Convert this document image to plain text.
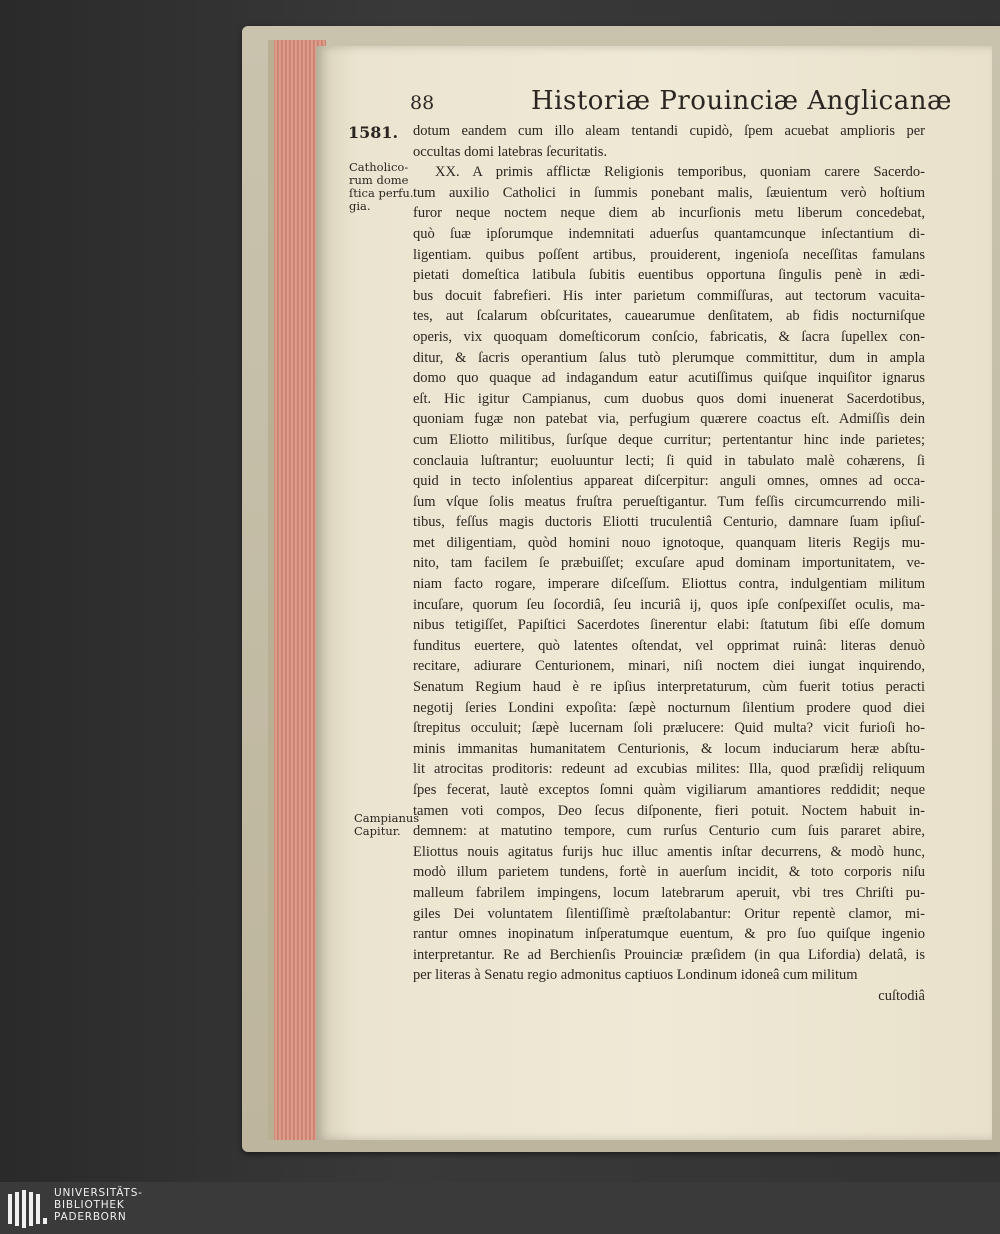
88	Historiæ Prouinciæ Anglicanæ
1581.
Catholico-rum dome ſtica perfu. gia.
Campianus Capitur.
dotum eandem cum illo aleam tentandi cupidò, ſpem acuebat amplioris per
occultas domi latebras ſecuritatis.
XX. A primis afflictæ Religionis temporibus, quoniam carere Sacerdo-
tum auxilio Catholici in ſummis ponebant malis, ſæuientum verò hoſtium
furor neque noctem neque diem ab incurſionis metu liberum concedebat,
quò ſuæ ipſorumque indemnitati aduerſus quantamcunque inſectantium di-
ligentiam. quibus poſſent artibus, prouiderent, ingenioſa neceſſitas famulans
pietati domeſtica latibula ſubitis euentibus opportuna ſingulis penè in ædi-
bus docuit fabrefieri. His inter parietum commiſſuras, aut tectorum vacuita-
tes, aut ſcalarum obſcuritates, cauearumue denſitatem, ab fidis nocturniſque
operis, vix quoquam domeſticorum conſcio, fabricatis, & ſacra ſupellex con-
ditur, & ſacris operantium ſalus tutò plerumque committitur, dum in ampla
domo quo quaque ad indagandum eatur acutiſſimus quiſque inquiſitor ignarus
eſt. Hic igitur Campianus, cum duobus quos domi inuenerat Sacerdotibus,
quoniam fugæ non patebat via, perfugium quærere coactus eſt. Admiſſis dein
cum Eliotto militibus, ſurſque deque curritur; pertentantur hinc inde parietes;
conclauia luſtrantur; euoluuntur lecti; ſi quid in tabulato malè cohærens, ſi
quid in tecto inſolentius appareat diſcerpitur: anguli omnes, omnes ad occa-
ſum vſque ſolis meatus fruſtra perueſtigantur. Tum feſſis circumcurrendo mili-
tibus, feſſus magis ductoris Eliotti truculentiâ Centurio, damnare ſuam ipſiuſ-
met diligentiam, quòd homini nouo ignotoque, quanquam literis Regijs mu-
nito, tam facilem ſe præbuiſſet; excuſare apud dominam importunitatem, ve-
niam facto rogare, imperare diſceſſum. Eliottus contra, indulgentiam militum
incuſare, quorum ſeu ſocordiâ, ſeu incuriâ ij, quos ipſe conſpexiſſet oculis, ma-
nibus tetigiſſet, Papiſtici Sacerdotes ſinerentur elabi: ſtatutum ſibi eſſe domum
funditus euertere, quò latentes oſtendat, vel opprimat ruinâ: literas denuò
recitare, adiurare Centurionem, minari, niſi noctem diei iungat inquirendo,
Senatum Regium haud è re ipſius interpretaturum, cùm fuerit totius peracti
negotij ſeries Londini expoſita: ſæpè nocturnum ſilentium prodere quod diei
ſtrepitus occuluit; ſæpè lucernam ſoli prælucere: Quid multa? vicit furioſi ho-
minis immanitas humanitatem Centurionis, & locum induciarum heræ abſtu-
lit atrocitas proditoris: redeunt ad excubias milites: Illa, quod præſidij reliquum
ſpes fecerat, lautè exceptos ſomni quàm vigiliarum amantiores reddidit; neque
tamen voti compos, Deo ſecus diſponente, fieri potuit. Noctem habuit in-
demnem: at matutino tempore, cum rurſus Centurio cum ſuis pararet abire,
Eliottus nouis agitatus furijs huc illuc amentis inſtar decurrens, & modò hunc,
modò illum parietem tundens, fortè in auerſum incidit, & toto corporis niſu
malleum fabrilem impingens, locum latebrarum aperuit, vbi tres Chriſti pu-
giles Dei voluntatem ſilentiſſimè præſtolabantur: Oritur repentè clamor, mi-
rantur omnes inopinatum inſperatumque euentum, & pro ſuo quiſque ingenio
interpretantur. Re ad Berchienſis Prouinciæ præſidem (in qua Lifordia) delatâ, is
per literas à Senatu regio admonitus captiuos Londinum idoneâ cum militum
cuſtodiâ
UNIVERSITÄTS-
BIBLIOTHEK
PADERBORN
